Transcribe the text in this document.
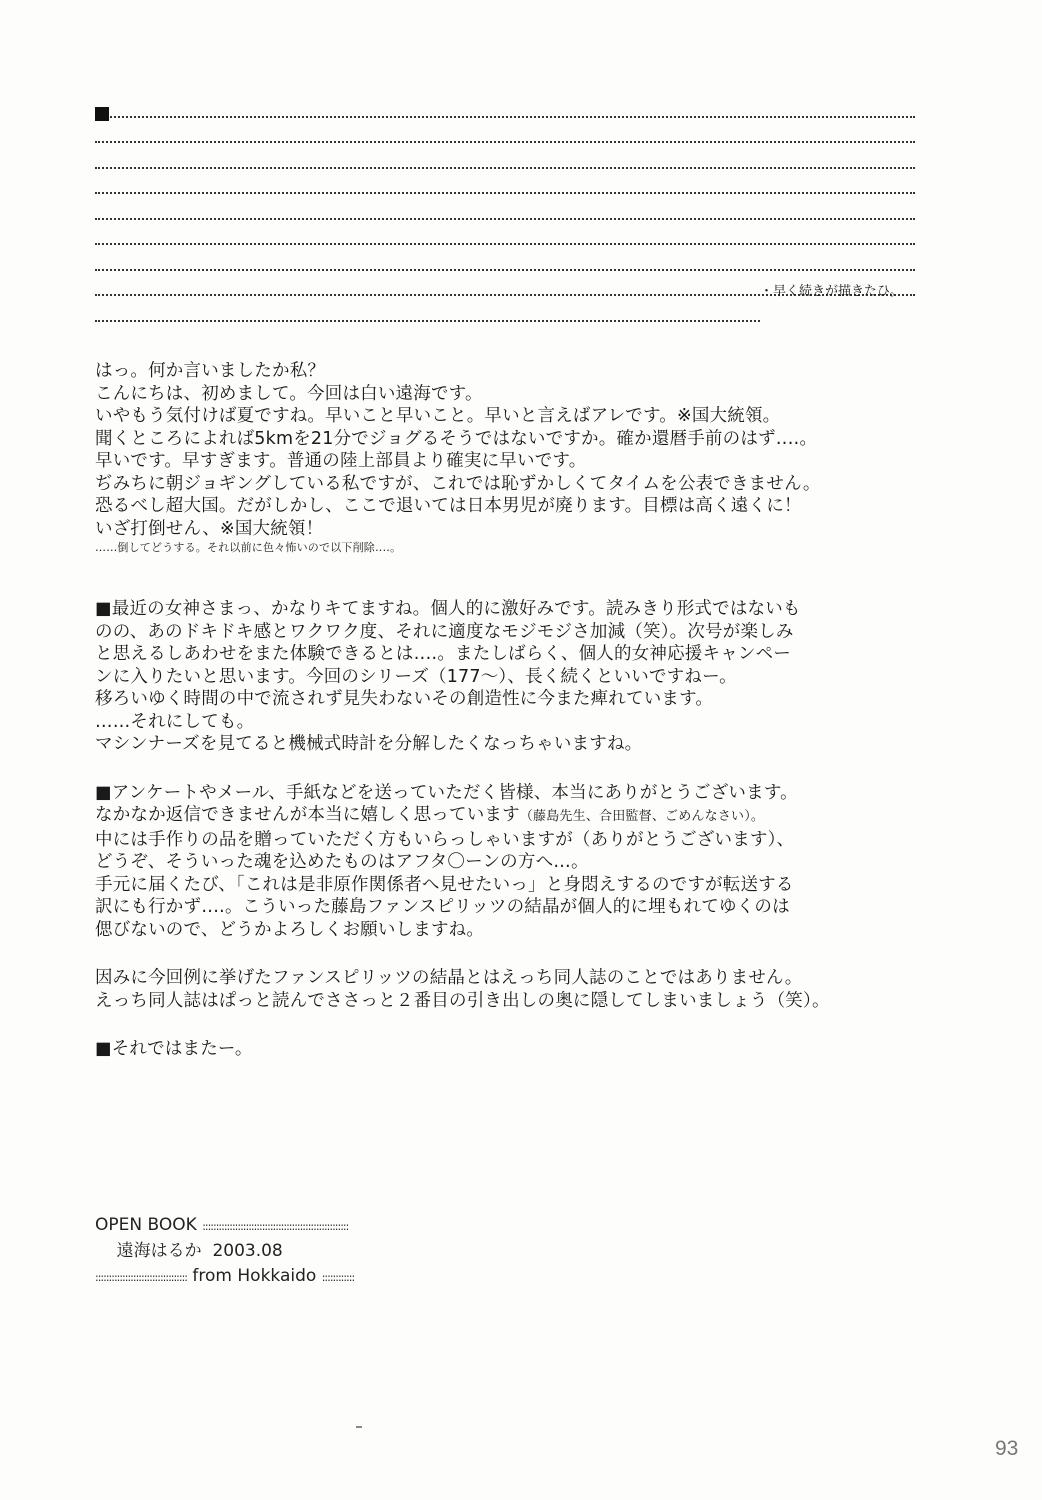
・早く続きが描きたひ。

はっ。何か言いましたか私？

こんにちは、初めまして。今回は白い遠海です。

いやもう気付けば夏ですね。早いこと早いこと。早いと言えばアレです。※国大統領。

聞くところによれば5kmを21分でジョグるそうではないですか。確か還暦手前のはず‥‥。

早いです。早すぎます。普通の陸上部員より確実に早いです。

ぢみちに朝ジョギングしている私ですが、これでは恥ずかしくてタイムを公表できません。

恐るべし超大国。だがしかし、ここで退いては日本男児が廃ります。目標は高く遠くに！

いざ打倒せん、※国大統領！

……倒してどうする。それ以前に色々怖いので以下削除‥‥。

■最近の女神さまっ、かなりキてますね。個人的に激好みです。読みきり形式ではないも

のの、あのドキドキ感とワクワク度、それに適度なモジモジさ加減（笑）。次号が楽しみ

と思えるしあわせをまた体験できるとは‥‥。またしばらく、個人的女神応援キャンペー

ンに入りたいと思います。今回のシリーズ（177～）、長く続くといいですねー。

移ろいゆく時間の中で流されず見失わないその創造性に今また痺れています。

……それにしても。

マシンナーズを見てると機械式時計を分解したくなっちゃいますね。

■アンケートやメール、手紙などを送っていただく皆様、本当にありがとうございます。

なかなか返信できませんが本当に嬉しく思っています（藤島先生、合田監督、ごめんなさい）。

中には手作りの品を贈っていただく方もいらっしゃいますが（ありがとうございます）、

どうぞ、そういった魂を込めたものはアフタ〇ーンの方へ…。

手元に届くたび、「これは是非原作関係者へ見せたいっ」と身悶えするのですが転送する

訳にも行かず‥‥。こういった藤島ファンスピリッツの結晶が個人的に埋もれてゆくのは

偲びないので、どうかよろしくお願いしますね。

因みに今回例に挙げたファンスピリッツの結晶とはえっち同人誌のことではありません。

えっち同人誌はぱっと読んでささっと２番目の引き出しの奥に隠してしまいましょう（笑）。

■それではまたー。

OPEN BOOK ::::::::::::::::::::::::::::::::::::::::::::::::::::::
遠海はるか 2003.08
:::::::::::::::::::::::::::::::::: from Hokkaido ::::::::::::
93
